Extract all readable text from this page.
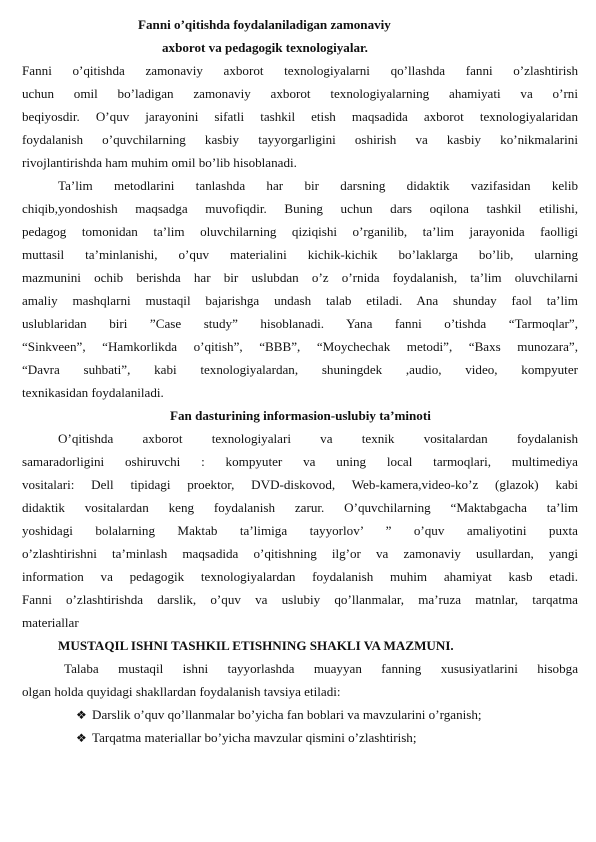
Fanni o’qitishda foydalaniladigan zamonaviy
axborot va pedagogik texnologiyalar.
Fanni o’qitishda zamonaviy axborot texnologiyalarni qo’llashda fanni o’zlashtirish
uchun omil bo’ladigan zamonaviy axborot texnologiyalarning ahamiyati va o’rni
beqiyosdir. O’quv jarayonini sifatli tashkil etish maqsadida axborot texnologiyalaridan
foydalanish o’quvchilarning kasbiy tayyorgarligini oshirish va kasbiy ko’nikmalarini
rivojlantirishda ham muhim omil bo’lib hisoblanadi.
Ta’lim metodlarini tanlashda har bir darsning didaktik vazifasidan kelib
chiqib,yondoshish maqsadga muvofiqdir. Buning uchun dars oqilona tashkil etilishi,
pedagog tomonidan ta’lim oluvchilarning qiziqishi o’rganilib, ta’lim jarayonida faolligi
muttasil ta’minlanishi, o’quv materialini kichik-kichik bo’laklarga bo’lib, ularning
mazmunini ochib berishda har bir uslubdan o’z o’rnida foydalanish, ta’lim oluvchilarni
amaliy mashqlarni mustaqil bajarishga undash talab etiladi. Ana shunday faol ta’lim
uslublaridan biri ”Case study” hisoblanadi. Yana fanni o’tishda “Tarmoqlar”,
“Sinkveen”, “Hamkorlikda o’qitish”, “BBB”, “Moychechak metodi”, “Baxs munozara”,
“Davra suhbati”, kabi texnologiyalardan, shuningdek ,audio, video, kompyuter
texnikasidan foydalaniladi.
Fan dasturining informasion-uslubiy ta’minoti
O’qitishda axborot texnologiyalari va texnik vositalardan foydalanish
samaradorligini oshiruvchi : kompyuter va uning local tarmoqlari, multimediya
vositalari: Dell tipidagi proektor, DVD-diskovod, Web-kamera,video-ko’z (glazok) kabi
didaktik vositalardan keng foydalanish zarur. O’quvchilarning “Maktabgacha ta’lim
yoshidagi bolalarning Maktab ta’limiga tayyorlov’ ” o’quv amaliyotini puxta
o’zlashtirishni ta’minlash maqsadida o’qitishning ilg’or va zamonaviy usullardan, yangi
information va pedagogik texnologiyalardan foydalanish muhim ahamiyat kasb etadi.
Fanni o’zlashtirishda darslik, o’quv va uslubiy qo’llanmalar, ma’ruza matnlar, tarqatma
materiallar
MUSTAQIL ISHNI TASHKIL ETISHNING SHAKLI VA MAZMUNI.
Talaba mustaqil ishni tayyorlashda muayyan fanning xususiyatlarini hisobga
olgan holda quyidagi shakllardan foydalanish tavsiya etiladi:
❖ Darslik o’quv qo’llanmalar bo’yicha fan boblari va mavzularini o’rganish;
❖ Tarqatma materiallar bo’yicha mavzular qismini o’zlashtirish;
